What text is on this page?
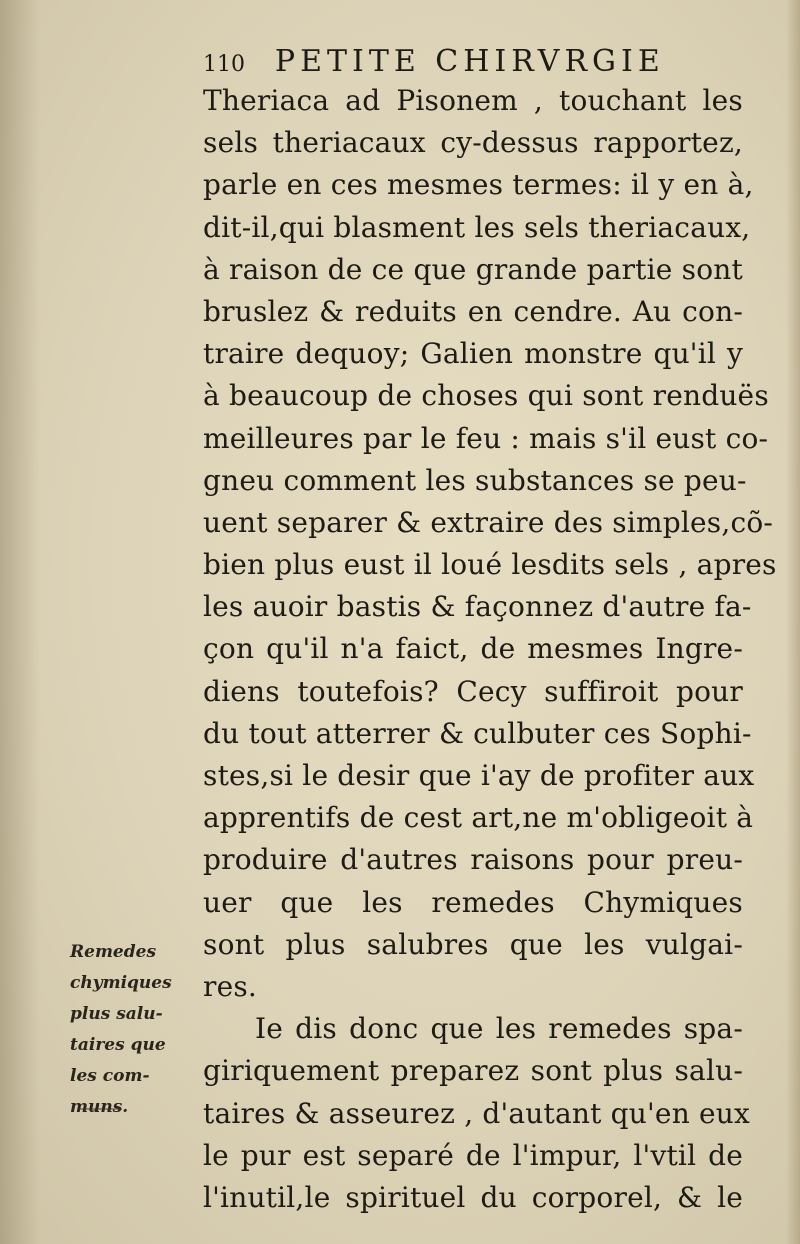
110 PETITE CHIRVRGIE
Theriaca ad Pisonem , touchant les
sels theriacaux cy-dessus rapportez,
parle en ces mesmes termes: il y en à,
dit-il,qui blasment les sels theriacaux,
à raison de ce que grande partie sont
bruslez & reduits en cendre. Au con-
traire dequoy; Galien monstre qu'il y
à beaucoup de choses qui sont renduës
meilleures par le feu : mais s'il eust co-
gneu comment les substances se peu-
uent separer & extraire des simples,cõ-
bien plus eust il loué lesdits sels , apres
les auoir bastis & façonnez d'autre fa-
çon qu'il n'a faict, de mesmes Ingre-
diens toutefois? Cecy suffiroit pour
du tout atterrer & culbuter ces Sophi-
stes,si le desir que i'ay de profiter aux
apprentifs de cest art,ne m'obligeoit à
produire d'autres raisons pour preu-
uer que les remedes Chymiques
sont plus salubres que les vulgai-
res.
Ie dis donc que les remedes spa-
giriquement preparez sont plus salu-
taires & asseurez , d'autant qu'en eux
le pur est separé de l'impur, l'vtil de
l'inutil,le spirituel du corporel, & le
Remedes
chymiques
plus salu-
taires que
les com-
muns.
